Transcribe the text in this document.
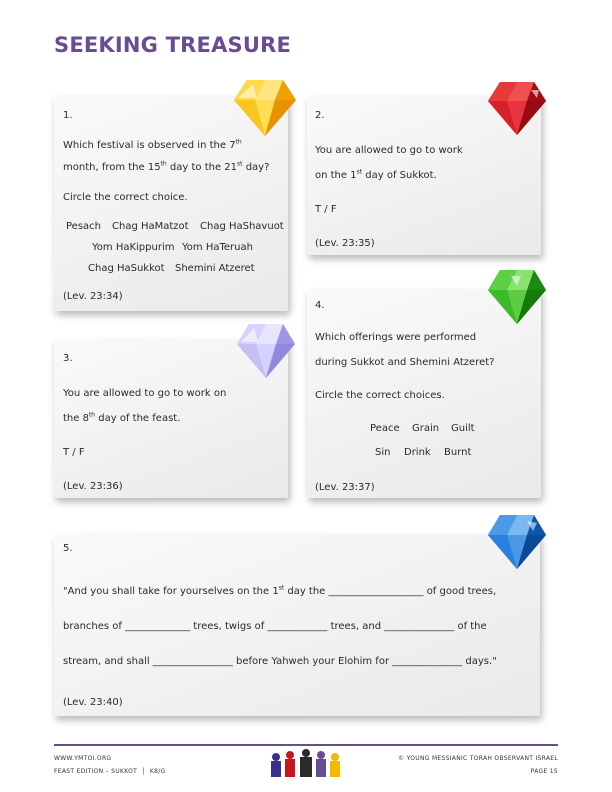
SEEKING TREASURE
1.
Which festival is observed in the 7th
month, from the 15th day to the 21st day?
Circle the correct choice.
Pesach Chag HaMatzot Chag HaShavuot
Yom HaKippurim Yom HaTeruah
Chag HaSukkot Shemini Atzeret
(Lev. 23:34)
2.
You are allowed to go to work
on the 1st day of Sukkot.
T / F
(Lev. 23:35)
3.
You are allowed to go to work on
the 8th day of the feast.
T / F
(Lev. 23:36)
4.
Which offerings were performed
during Sukkot and Shemini Atzeret?
Circle the correct choices.
Peace Grain Guilt
Sin Drink Burnt
(Lev. 23:37)
5.
"And you shall take for yourselves on the 1st day the ___________________ of good trees,
branches of _____________ trees, twigs of ____________ trees, and ______________ of the
stream, and shall ________________ before Yahweh your Elohim for ______________ days."
(Lev. 23:40)
WWW.YMTOI.ORG
FEAST EDITION – SUKKOT  │  K8/G
© YOUNG MESSIANIC TORAH OBSERVANT ISRAEL
PAGE 15
